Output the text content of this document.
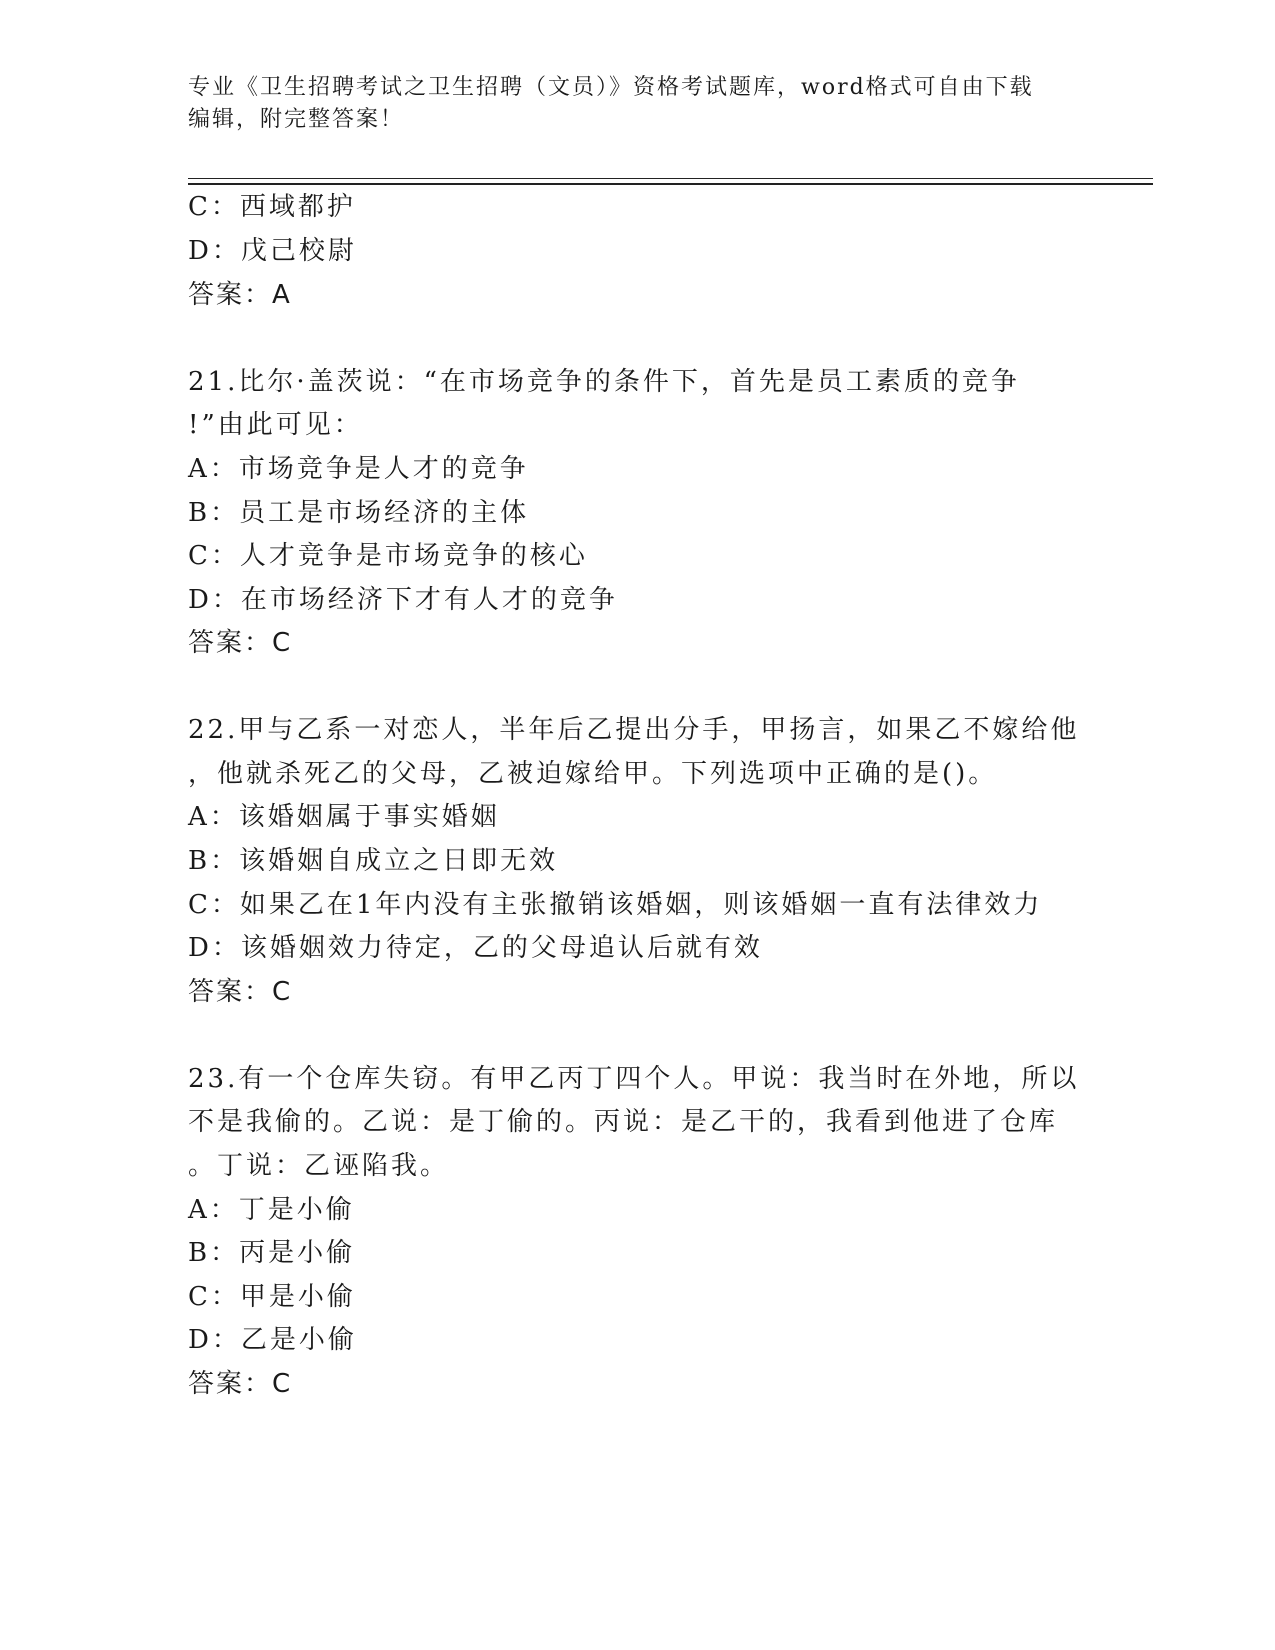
专业《卫生招聘考试之卫生招聘（文员）》资格考试题库，word格式可自由下载
编辑，附完整答案！
C：西域都护
D：戊己校尉
答案：A
21.比尔·盖茨说：“在市场竞争的条件下，首先是员工素质的竞争
!”由此可见：
A：市场竞争是人才的竞争
B：员工是市场经济的主体
C：人才竞争是市场竞争的核心
D：在市场经济下才有人才的竞争
答案：C
22.甲与乙系一对恋人，半年后乙提出分手，甲扬言，如果乙不嫁给他
，他就杀死乙的父母，乙被迫嫁给甲。下列选项中正确的是()。
A：该婚姻属于事实婚姻
B：该婚姻自成立之日即无效
C：如果乙在1年内没有主张撤销该婚姻，则该婚姻一直有法律效力
D：该婚姻效力待定，乙的父母追认后就有效
答案：C
23.有一个仓库失窃。有甲乙丙丁四个人。甲说：我当时在外地，所以
不是我偷的。乙说：是丁偷的。丙说：是乙干的，我看到他进了仓库
。丁说：乙诬陷我。
A：丁是小偷
B：丙是小偷
C：甲是小偷
D：乙是小偷
答案：C
